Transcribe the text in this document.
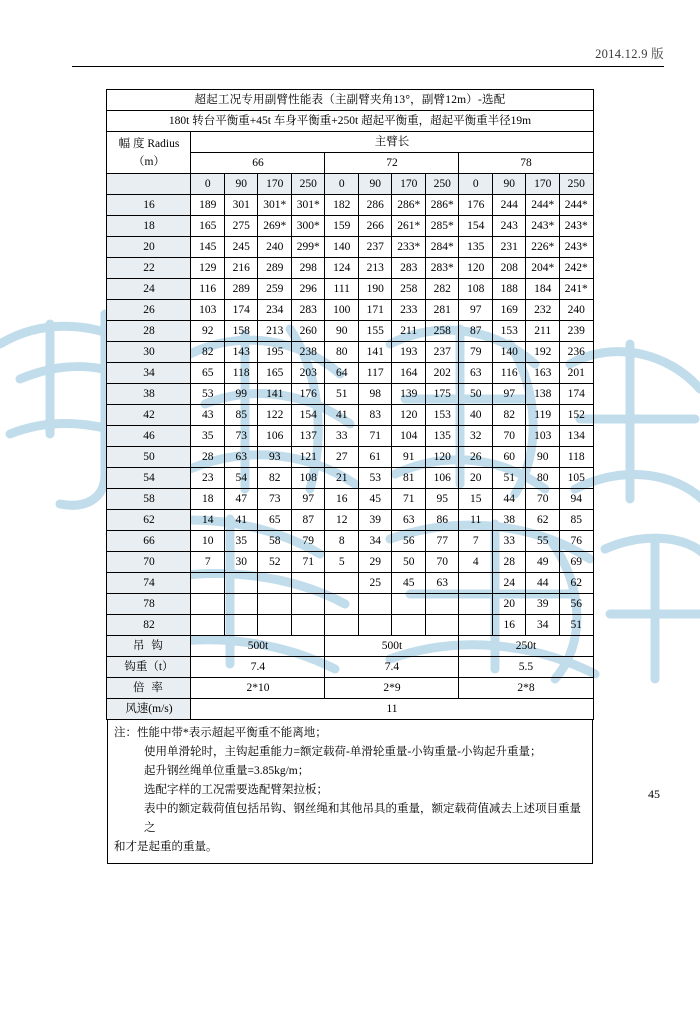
2014.12.9 版
超起工况专用副臂性能表（主副臂夹角13°，副臂12m）-选配												
180t 转台平衡重+45t 车身平衡重+250t 超起平衡重，超起平衡重半径19m												

幅 度 Radius
（m）	主臂长											
	66				72				78			
	0	90	170	250	0	90	170	250	0	90	170	250
16	189	301	301*	301*	182	286	286*	286*	176	244	244*	244*
18	165	275	269*	300*	159	266	261*	285*	154	243	243*	243*
20	145	245	240	299*	140	237	233*	284*	135	231	226*	243*
22	129	216	289	298	124	213	283	283*	120	208	204*	242*
24	116	289	259	296	111	190	258	282	108	188	184	241*
26	103	174	234	283	100	171	233	281	97	169	232	240
28	92	158	213	260	90	155	211	258	87	153	211	239
30	82	143	195	238	80	141	193	237	79	140	192	236
34	65	118	165	203	64	117	164	202	63	116	163	201
38	53	99	141	176	51	98	139	175	50	97	138	174
42	43	85	122	154	41	83	120	153	40	82	119	152
46	35	73	106	137	33	71	104	135	32	70	103	134
50	28	63	93	121	27	61	91	120	26	60	90	118
54	23	54	82	108	21	53	81	106	20	51	80	105
58	18	47	73	97	16	45	71	95	15	44	70	94
62	14	41	65	87	12	39	63	86	11	38	62	85
66	10	35	58	79	8	34	56	77	7	33	55	76
70	7	30	52	71	5	29	50	70	4	28	49	69
74						25	45	63		24	44	62
78										20	39	56
82										16	34	51
吊 钩	500t				500t				250t			
钩重（t）	7.4				7.4				5.5			
倍 率	2*10				2*9				2*8			
风速(m/s)	11											
注：性能中带*表示超起平衡重不能离地；
使用单滑轮时，主钩起重能力=额定载荷-单滑轮重量-小钩重量-小钩起升重量；
起升钢丝绳单位重量=3.85kg/m；
选配字样的工况需要选配臂架拉板；
表中的额定载荷值包括吊钩、钢丝绳和其他吊具的重量，额定载荷值减去上述项目重量之
和才是起重的重量。
45
